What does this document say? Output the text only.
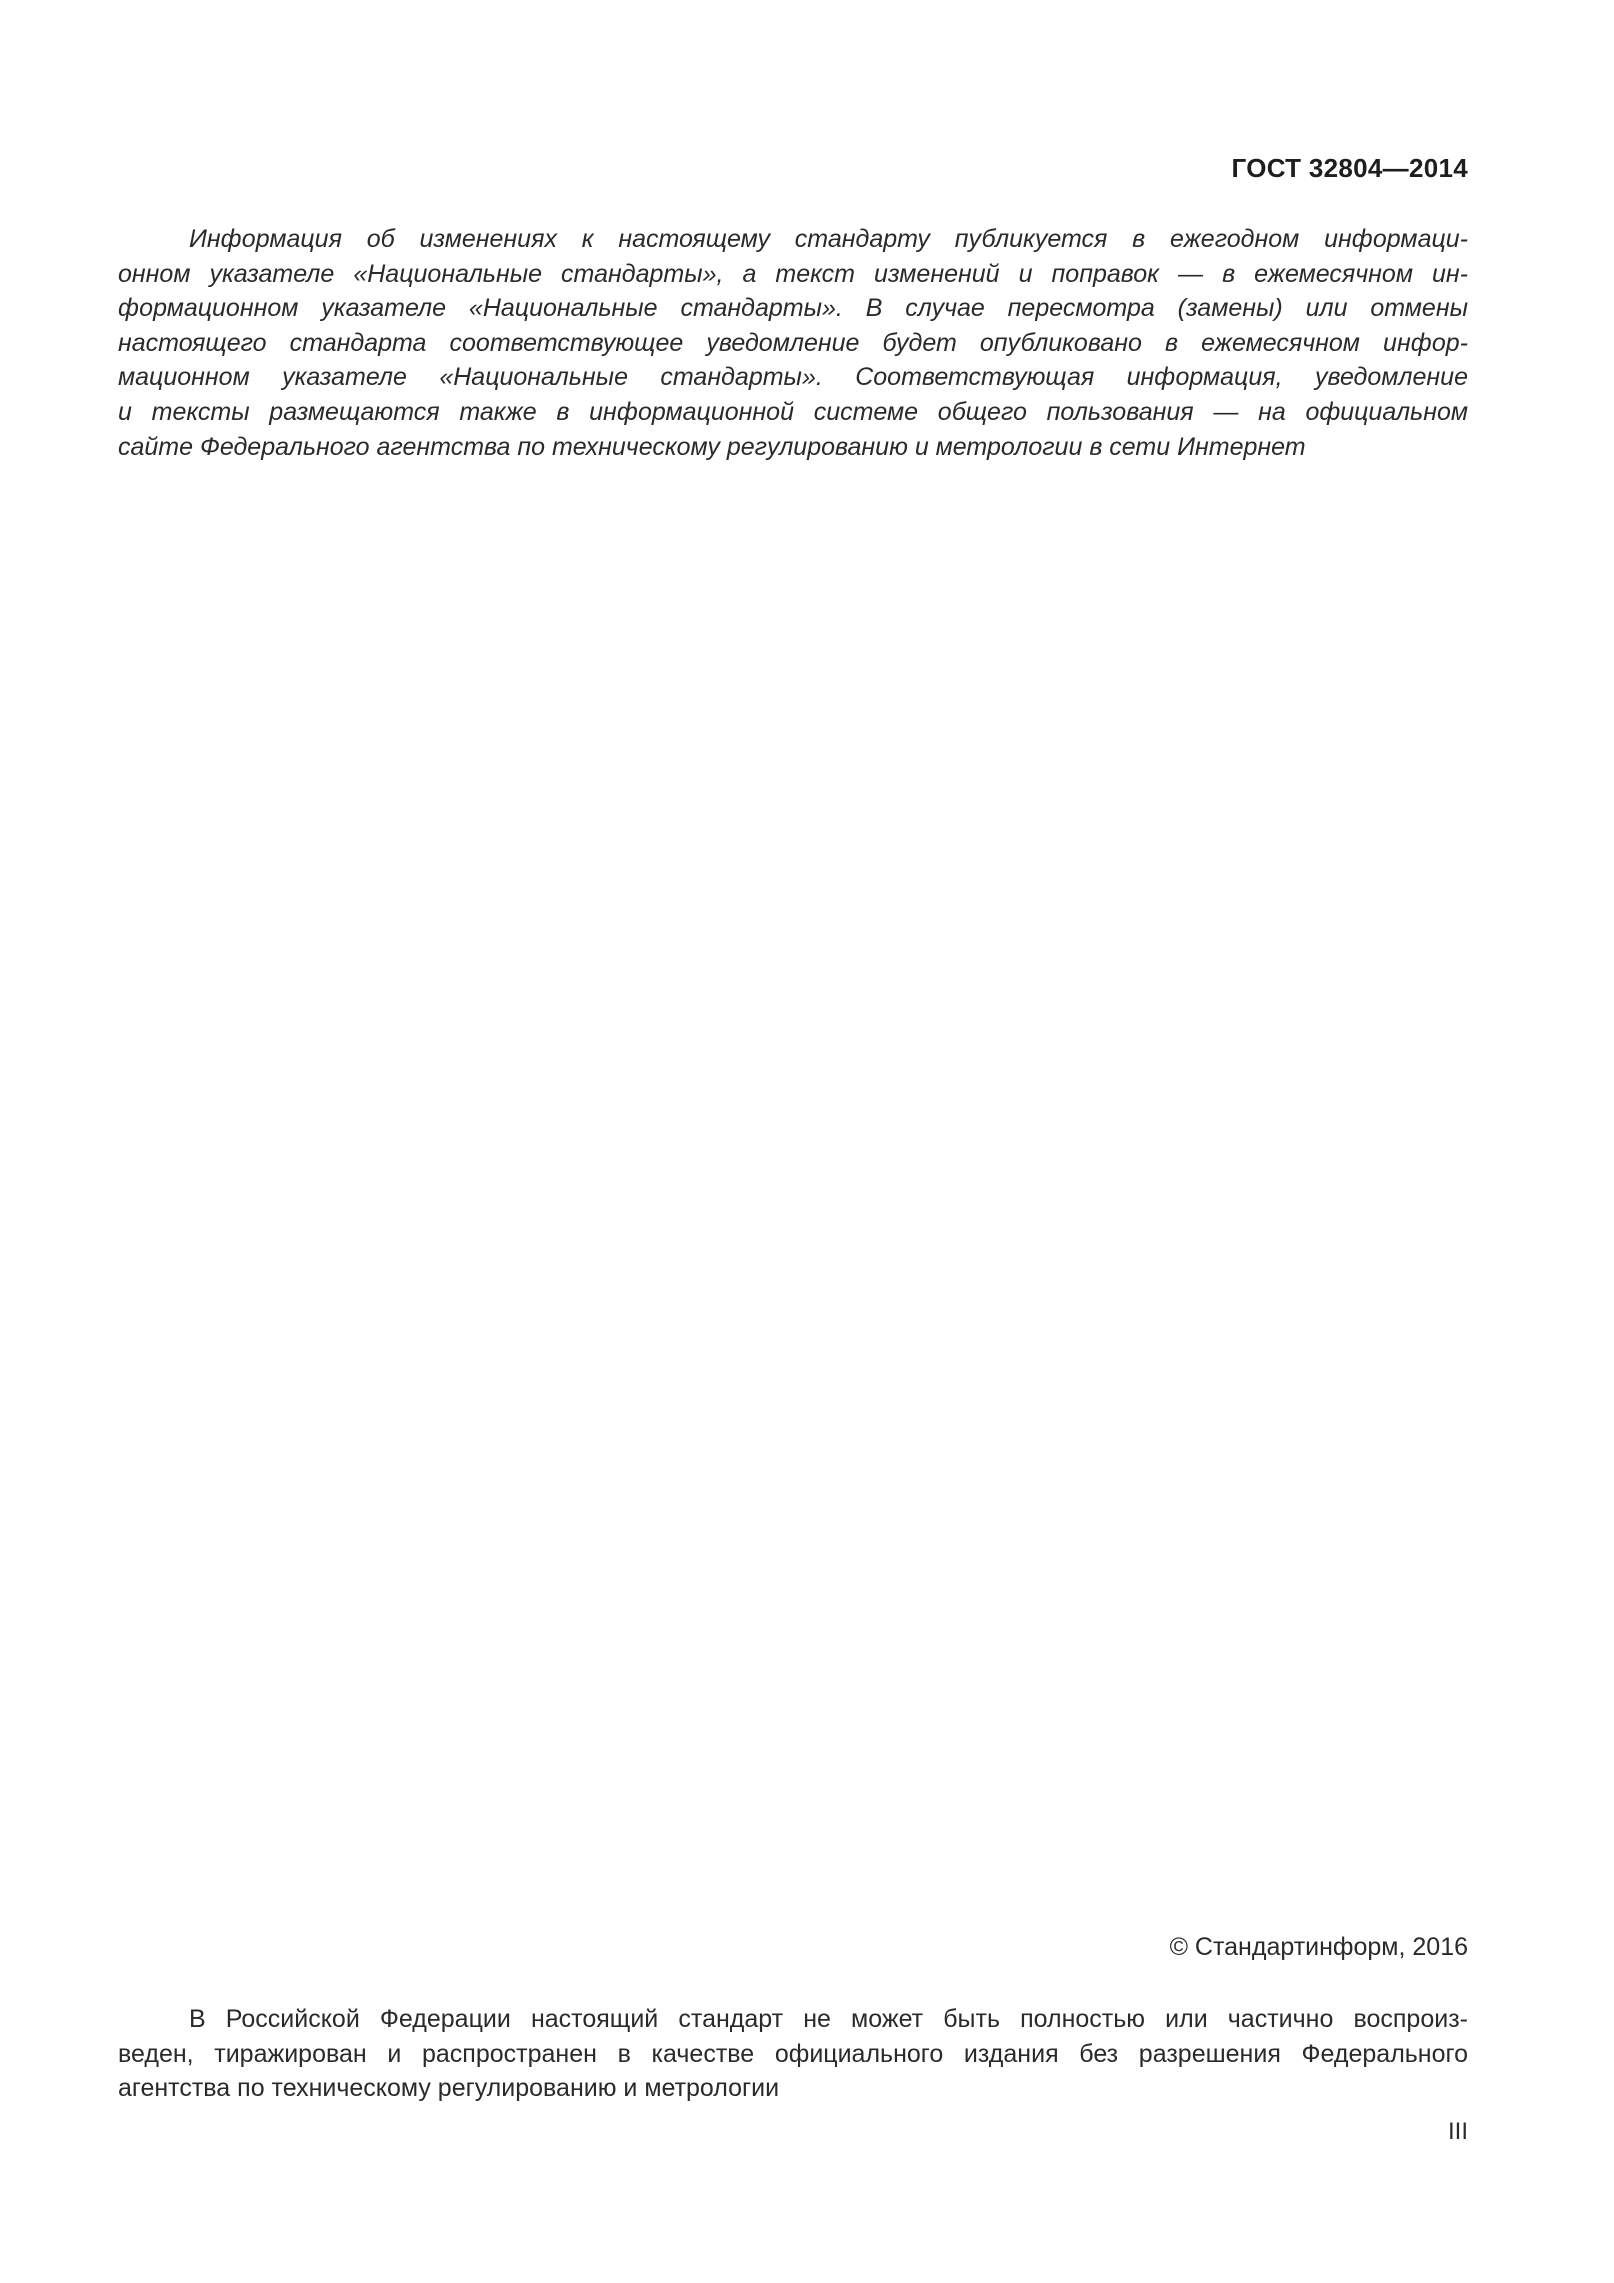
ГОСТ 32804—2014
Информация об изменениях к настоящему стандарту публикуется в ежегодном информаци-
онном указателе «Национальные стандарты», а текст изменений и поправок — в ежемесячном ин-
формационном указателе «Национальные стандарты». В случае пересмотра (замены) или отмены
настоящего стандарта соответствующее уведомление будет опубликовано в ежемесячном инфор-
мационном указателе «Национальные стандарты». Соответствующая информация, уведомление
и тексты размещаются также в информационной системе общего пользования — на официальном
сайте Федерального агентства по техническому регулированию и метрологии в сети Интернет
© Стандартинформ, 2016
В Российской Федерации настоящий стандарт не может быть полностью или частично воспроиз-
веден, тиражирован и распространен в качестве официального издания без разрешения Федерального
агентства по техническому регулированию и метрологии
III
